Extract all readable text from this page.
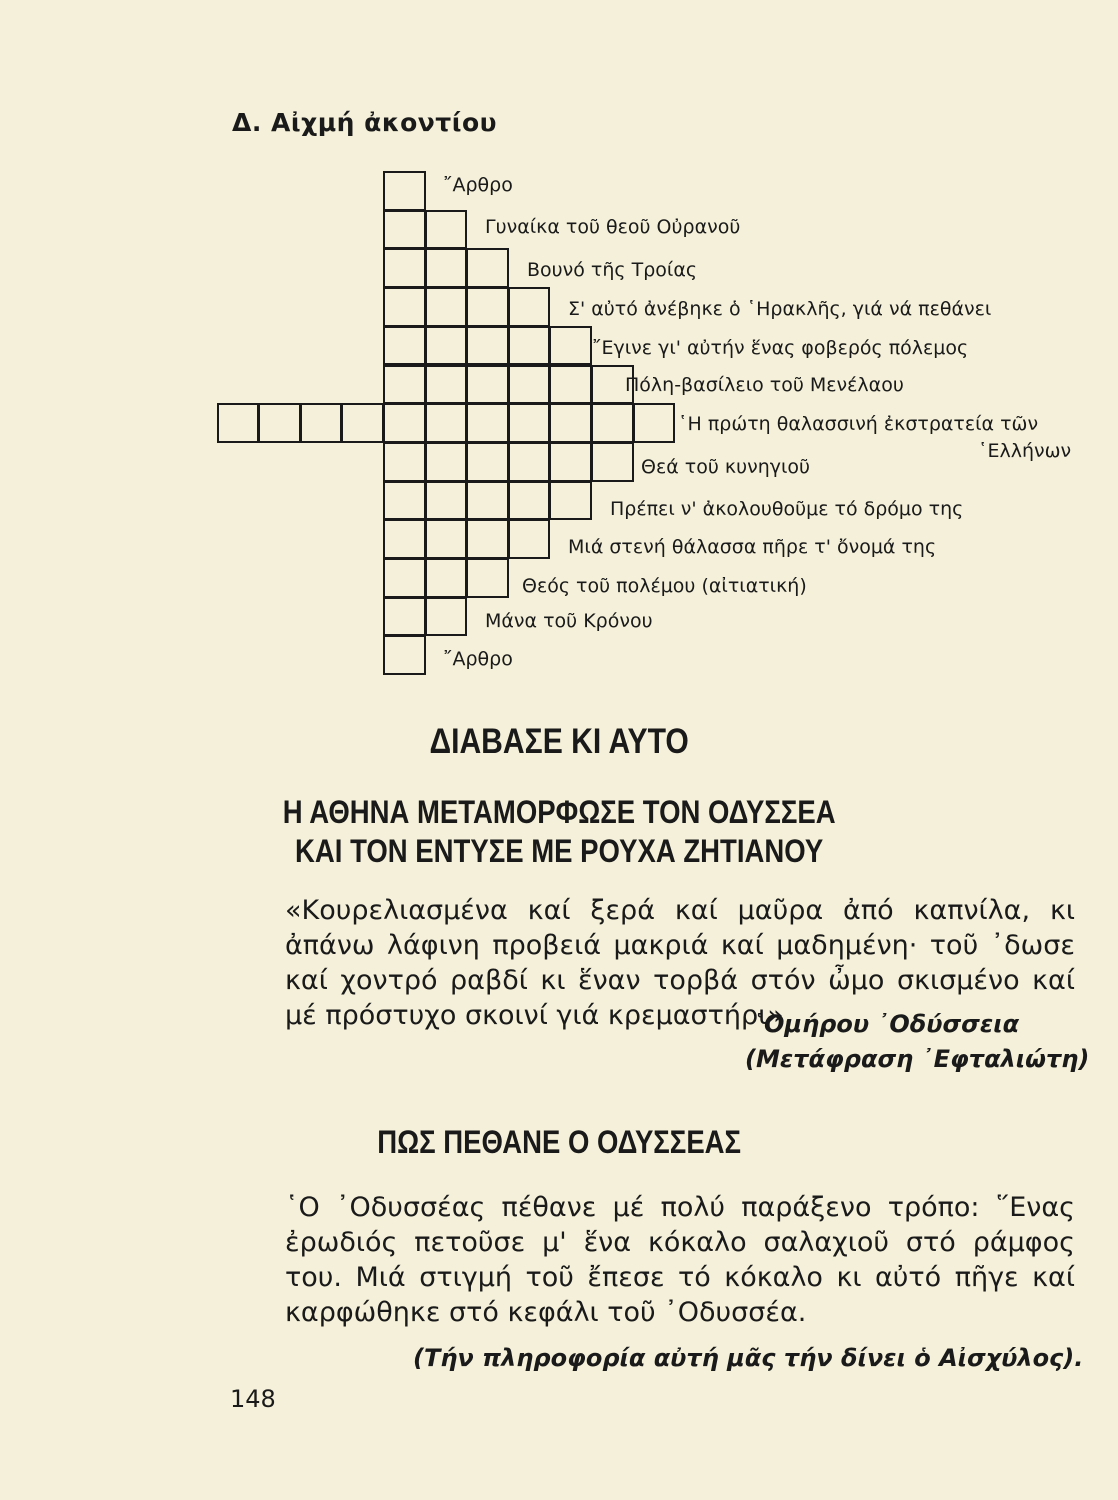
Δ. Αἰχμή ἀκοντίου
῎Αρθρο
Γυναίκα τοῦ θεοῦ Οὐρανοῦ
Βουνό τῆς Τροίας
Σ' αὐτό ἀνέβηκε ὁ ῾Ηρακλῆς, γιά νά πεθάνει
῎Εγινε γι' αὐτήν ἕνας φοβερός πόλεμος
Πόλη-βασίλειο τοῦ Μενέλαου
῾Η πρώτη θαλασσινή ἐκστρατεία τῶν
῾Ελλήνων
Θεά τοῦ κυνηγιοῦ
Πρέπει ν' ἀκολουθοῦμε τό δρόμο της
Μιά στενή θάλασσα πῆρε τ' ὄνομά της
Θεός τοῦ πολέμου (αἰτιατική)
Μάνα τοῦ Κρόνου
῎Αρθρο
ΔΙΑΒΑΣΕ ΚΙ ΑΥΤΟ
Η ΑΘΗΝΑ ΜΕΤΑΜΟΡΦΩΣΕ ΤΟΝ ΟΔΥΣΣΕΑ
ΚΑΙ ΤΟΝ ΕΝΤΥΣΕ ΜΕ ΡΟΥΧΑ ΖΗΤΙΑΝΟΥ

«Κουρελιασμένα καί ξερά καί μαῦρα ἀπό καπνίλα, κι ἀπάνω λάφινη προβειά μακριά καί μαδημένη· τοῦ ᾽δωσε καί χοντρό ραβδί κι ἕναν τορβά στόν ὦμο σκισμένο καί μέ πρόστυχο σκοινί γιά κρεμαστήρι».

῾Ομήρου ᾽Οδύσσεια
(Μετάφραση ᾽Εφταλιώτη)
ΠΩΣ ΠΕΘΑΝΕ Ο ΟΔΥΣΣΕΑΣ

῾Ο ᾽Οδυσσέας πέθανε μέ πολύ παράξενο τρόπο: ῞Ενας ἐρωδιός πετοῦσε μ' ἕνα κόκαλο σαλαχιοῦ στό ράμφος του. Μιά στιγμή τοῦ ἔπεσε τό κόκαλο κι αὐτό πῆγε καί καρφώθηκε στό κεφάλι τοῦ ᾽Οδυσσέα.

(Τήν πληροφορία αὐτή μᾶς τήν δίνει ὁ Αἰσχύλος).
148
